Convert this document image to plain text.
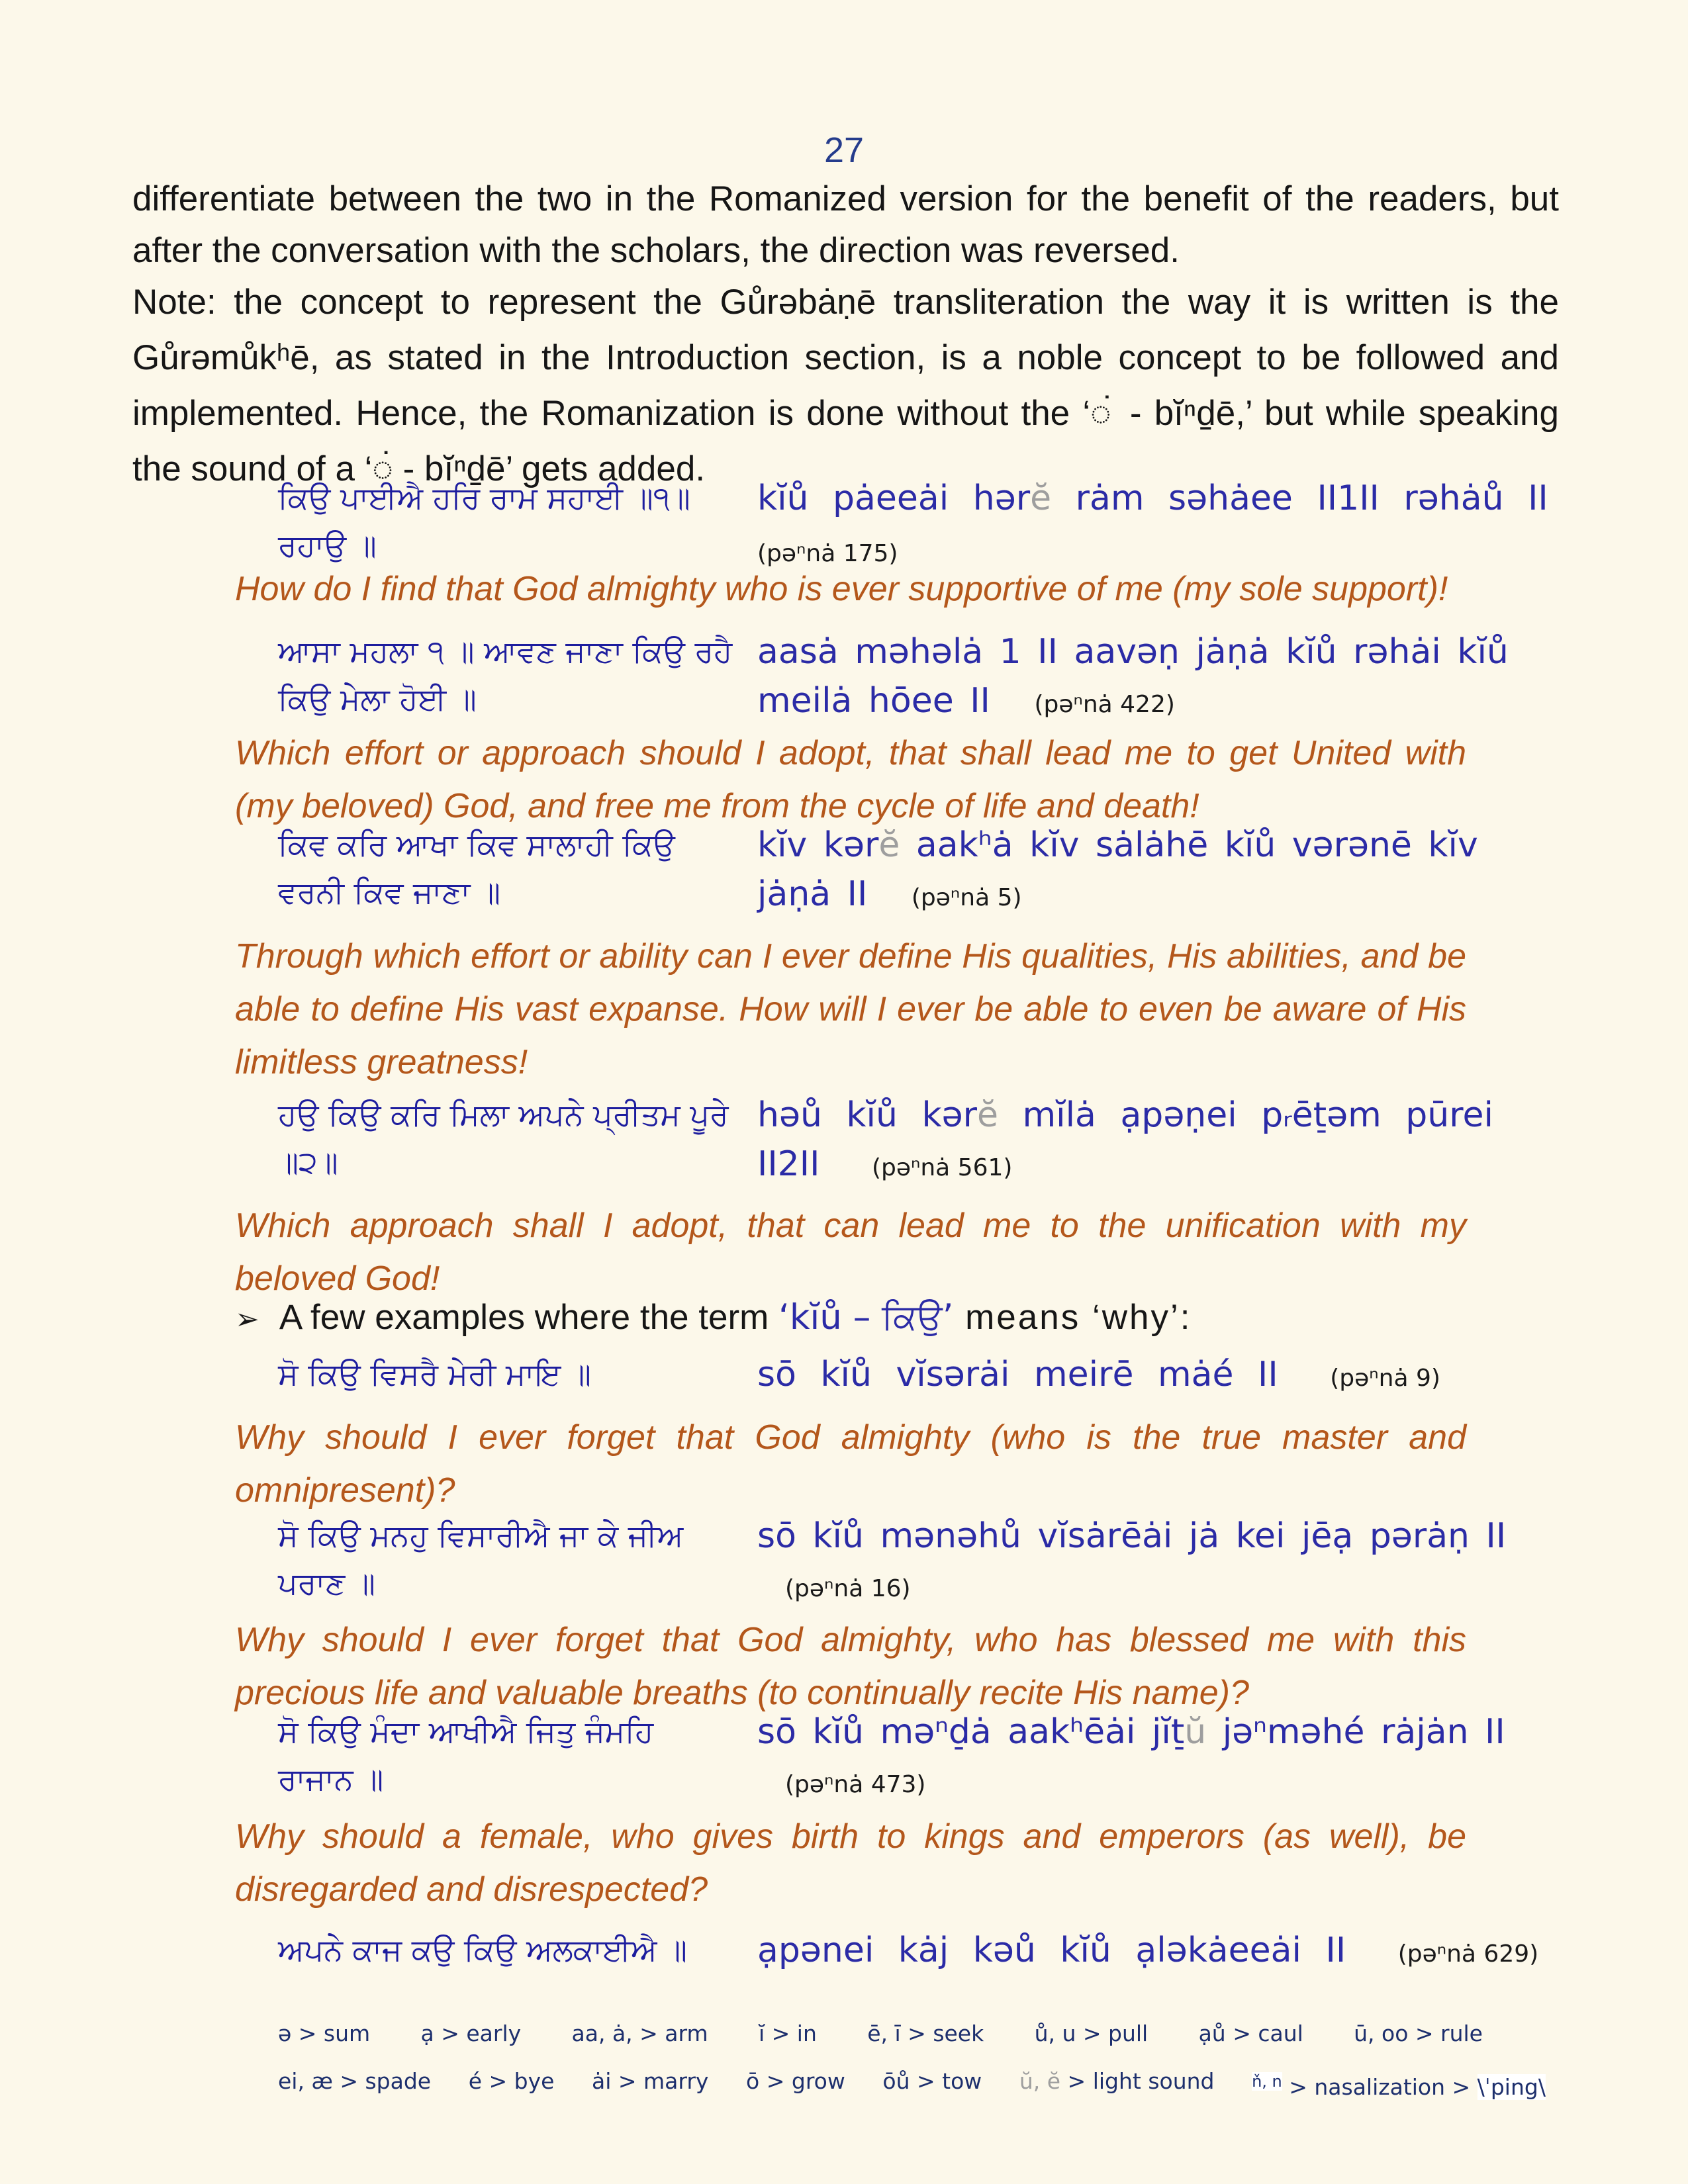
27
differentiate between the two in the Romanized version for the benefit of the readers, but after the conversation with the scholars, the direction was reversed.
Note: the concept to represent the Gůrəbȧṇē transliteration the way it is written is the Gůrəmůkʰē, as stated in the Introduction section, is a noble concept to be followed and implemented. Hence, the Romanization is done without the ‘◌̇ - bĭⁿd̠ē,’ but while speaking the sound of a ‘◌̇ - bĭⁿd̠ē’ gets added.
ਕਿਉ ਪਾਈਐ ਹਰਿ ਰਾਮ ਸਹਾਈ ॥੧॥ ਰਹਾਉ ॥
kĭů pȧeeȧi hərĕ rȧm səhȧee II1II rəhȧů II
(pəⁿnȧ 175)
How do I find that God almighty who is ever supportive of me (my sole support)!
ਆਸਾ ਮਹਲਾ ੧ ॥ ਆਵਣ ਜਾਣਾ ਕਿਉ ਰਹੈ ਕਿਉ ਮੇਲਾ ਹੋਈ ॥
aasȧ məhəlȧ 1 II aavəṇ jȧṇȧ kĭů rəhȧi kĭů meilȧ hōee II (pəⁿnȧ 422)
Which effort or approach should I adopt, that shall lead me to get United with (my beloved) God, and free me from the cycle of life and death!
ਕਿਵ ਕਰਿ ਆਖਾ ਕਿਵ ਸਾਲਾਹੀ ਕਿਉ ਵਰਨੀ ਕਿਵ ਜਾਣਾ ॥
kĭv kərĕ aakʰȧ kĭv sȧlȧhē kĭů vərənē kĭv jȧṇȧ II (pəⁿnȧ 5)
Through which effort or ability can I ever define His qualities, His abilities, and be able to define His vast expanse. How will I ever be able to even be aware of His limitless greatness!
ਹਉ ਕਿਉ ਕਰਿ ਮਿਲਾ ਅਪਨੇ ਪ੍ਰੀਤਮ ਪੂਰੇ ॥੨॥
həů kĭů kərĕ mĭlȧ ạpəṇei pᵣēt̠əm pūrei II2II (pəⁿnȧ 561)
Which approach shall I adopt, that can lead me to the unification with my beloved God!
➢ A few examples where the term ‘kĭů – ਕਿਉ’ means ‘why’:
ਸੋ ਕਿਉ ਵਿਸਰੈ ਮੇਰੀ ਮਾਇ ॥	sō kĭů vĭsərȧi meirē mȧé II (pəⁿnȧ 9)
Why should I ever forget that God almighty (who is the true master and omnipresent)?
ਸੋ ਕਿਉ ਮਨਹੁ ਵਿਸਾਰੀਐ ਜਾ ਕੇ ਜੀਅ ਪਰਾਣ ॥
sō kĭů mənəhů vĭsȧrēȧi jȧ kei jēạ pərȧṇ II (pəⁿnȧ 16)
Why should I ever forget that God almighty, who has blessed me with this precious life and valuable breaths (to continually recite His name)?
ਸੋ ਕਿਉ ਮੰਦਾ ਆਖੀਐ ਜਿਤੁ ਜੰਮਹਿ ਰਾਜਾਨ ॥
sō kĭů məⁿd̠ȧ aakʰēȧi jĭt̠ŭ jəⁿməhé rȧjȧn II (pəⁿnȧ 473)
Why should a female, who gives birth to kings and emperors (as well), be disregarded and disrespected?
ਅਪਨੇ ਕਾਜ ਕਉ ਕਿਉ ਅਲਕਾਈਐ ॥	ạpənei kȧj kəů kĭů ạləkȧeeȧi II (pəⁿnȧ 629)
ə > sum ạ > early aa, ȧ, > arm ĭ > in ē, ī > seek ů, u > pull ạů > caul ū, oo > rule
ei, æ > spade é > bye ȧi > marry ō > grow ōů > tow ŭ, ĕ > light sound $^{ň, n}$ > nasalization > \ˈping\
